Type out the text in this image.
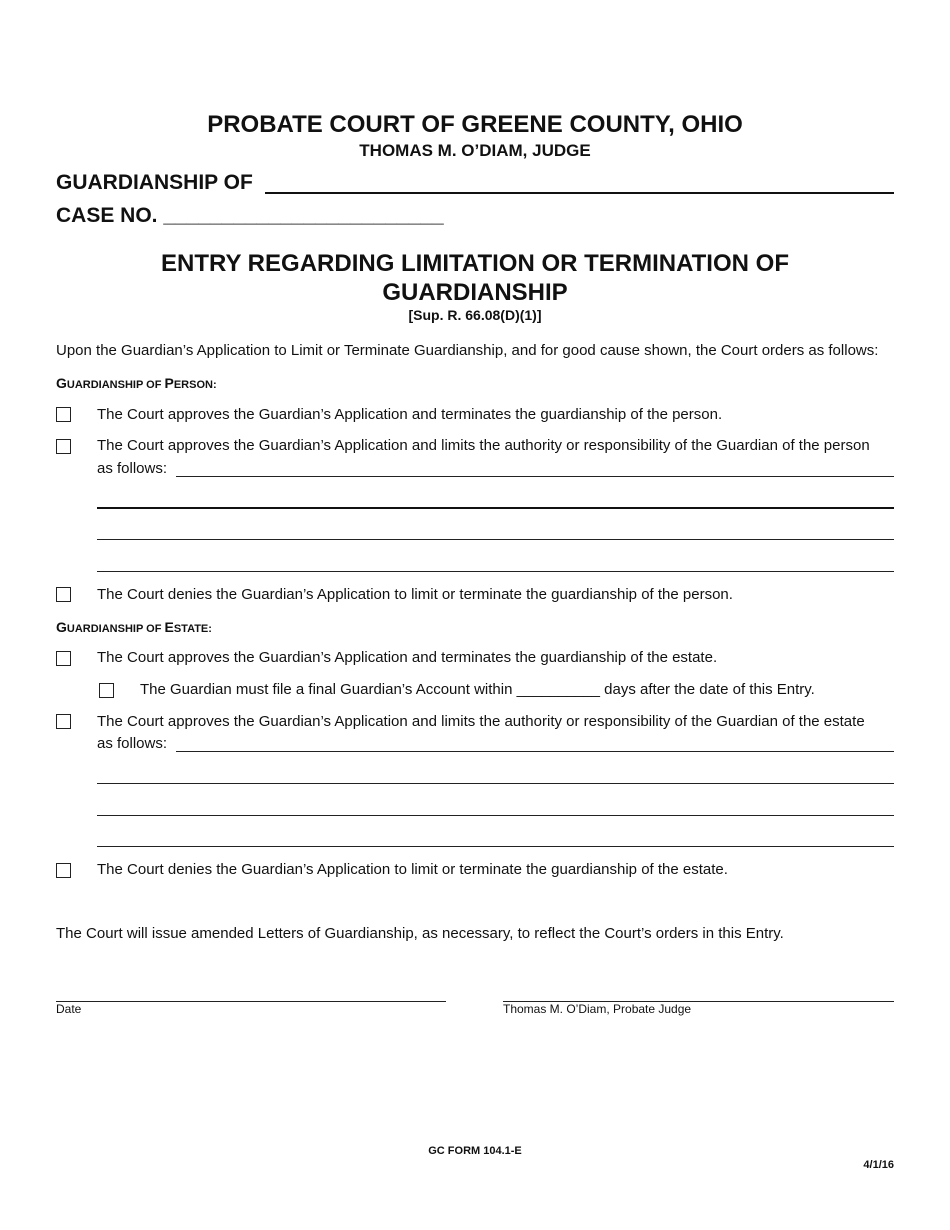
PROBATE COURT OF GREENE COUNTY, OHIO
THOMAS M. O’DIAM, JUDGE
GUARDIANSHIP OF
CASE NO. ________________________
ENTRY REGARDING LIMITATION OR TERMINATION OF
GUARDIANSHIP
[Sup. R. 66.08(D)(1)]
Upon the Guardian’s Application to Limit or Terminate Guardianship, and for good cause shown, the Court orders as follows:
GUARDIANSHIP OF PERSON:
The Court approves the Guardian’s Application and terminates the guardianship of the person.
The Court approves the Guardian’s Application and limits the authority or responsibility of the Guardian of the person
as follows:
The Court denies the Guardian’s Application to limit or terminate the guardianship of the person.
GUARDIANSHIP OF ESTATE:
The Court approves the Guardian’s Application and terminates the guardianship of the estate.
The Guardian must file a final Guardian’s Account within __________ days after the date of this Entry.
The Court approves the Guardian’s Application and limits the authority or responsibility of the Guardian of the estate
as follows:
The Court denies the Guardian’s Application to limit or terminate the guardianship of the estate.
The Court will issue amended Letters of Guardianship, as necessary, to reflect the Court’s orders in this Entry.
Date	Thomas M. O’Diam, Probate Judge
GC FORM 104.1-E
4/1/16
